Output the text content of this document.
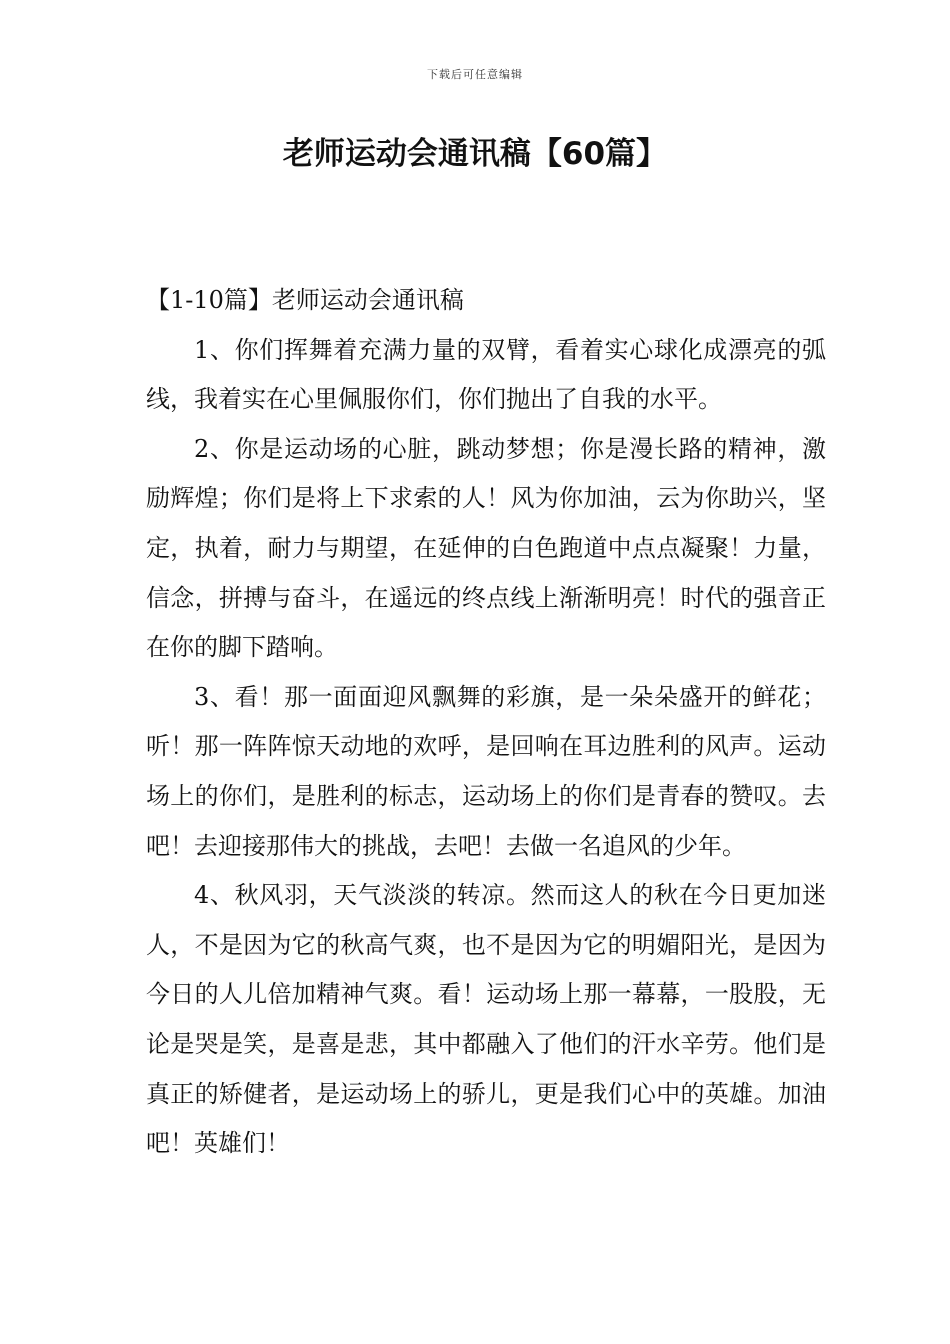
下载后可任意编辑
老师运动会通讯稿【60篇】

【1-10篇】老师运动会通讯稿

1、你们挥舞着充满力量的双臂，看着实心球化成漂亮的弧线，我着实在心里佩服你们，你们抛出了自我的水平。

2、你是运动场的心脏，跳动梦想；你是漫长路的精神，激励辉煌；你们是将上下求索的人！风为你加油，云为你助兴，坚定，执着，耐力与期望，在延伸的白色跑道中点点凝聚！力量，信念，拼搏与奋斗，在遥远的终点线上渐渐明亮！时代的强音正在你的脚下踏响。

3、看！那一面面迎风飘舞的彩旗，是一朵朵盛开的鲜花；听！那一阵阵惊天动地的欢呼，是回响在耳边胜利的风声。运动场上的你们，是胜利的标志，运动场上的你们是青春的赞叹。去吧！去迎接那伟大的挑战，去吧！去做一名追风的少年。

4、秋风羽，天气淡淡的转凉。然而这人的秋在今日更加迷人，不是因为它的秋高气爽，也不是因为它的明媚阳光，是因为今日的人儿倍加精神气爽。看！运动场上那一幕幕，一股股，无论是哭是笑，是喜是悲，其中都融入了他们的汗水辛劳。他们是真正的矫健者，是运动场上的骄儿，更是我们心中的英雄。加油吧！英雄们！
